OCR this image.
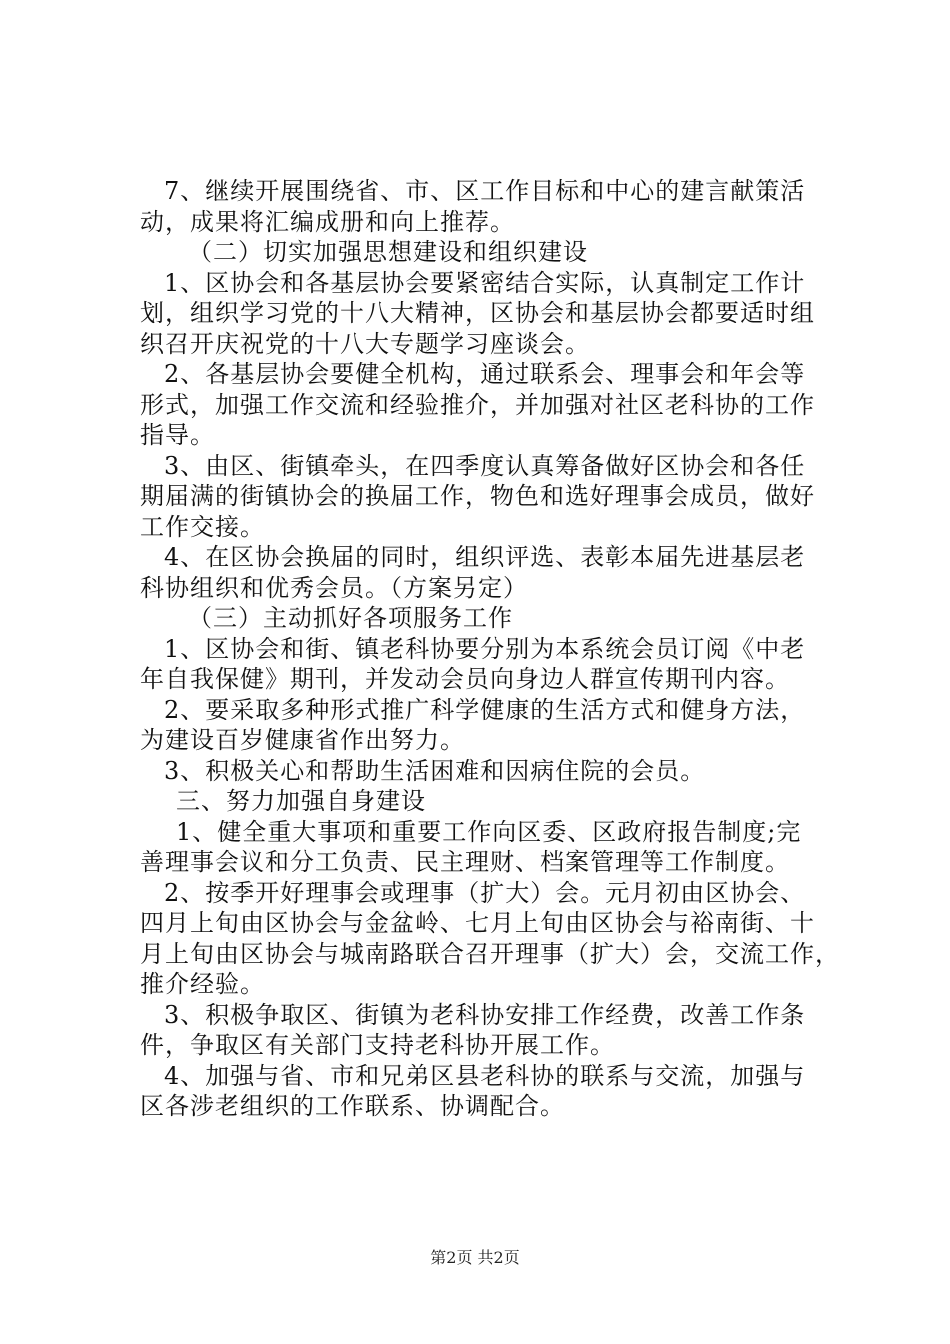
7、继续开展围绕省、市、区工作目标和中心的建言献策活
动，成果将汇编成册和向上推荐。
（二）切实加强思想建设和组织建设
1、区协会和各基层协会要紧密结合实际，认真制定工作计
划，组织学习党的十八大精神，区协会和基层协会都要适时组
织召开庆祝党的十八大专题学习座谈会。
2、各基层协会要健全机构，通过联系会、理事会和年会等
形式，加强工作交流和经验推介，并加强对社区老科协的工作
指导。
3、由区、街镇牵头，在四季度认真筹备做好区协会和各任
期届满的街镇协会的换届工作，物色和选好理事会成员，做好
工作交接。
4、在区协会换届的同时，组织评选、表彰本届先进基层老
科协组织和优秀会员。（方案另定）
（三）主动抓好各项服务工作
1、区协会和街、镇老科协要分别为本系统会员订阅《中老
年自我保健》期刊，并发动会员向身边人群宣传期刊内容。
2、要采取多种形式推广科学健康的生活方式和健身方法，
为建设百岁健康省作出努力。
3、积极关心和帮助生活困难和因病住院的会员。
三、努力加强自身建设
1、健全重大事项和重要工作向区委、区政府报告制度;完
善理事会议和分工负责、民主理财、档案管理等工作制度。
2、按季开好理事会或理事（扩大）会。元月初由区协会、
四月上旬由区协会与金盆岭、七月上旬由区协会与裕南街、十
月上旬由区协会与城南路联合召开理事（扩大）会，交流工作，
推介经验。
3、积极争取区、街镇为老科协安排工作经费，改善工作条
件，争取区有关部门支持老科协开展工作。
4、加强与省、市和兄弟区县老科协的联系与交流，加强与
区各涉老组织的工作联系、协调配合。
第2页 共2页
